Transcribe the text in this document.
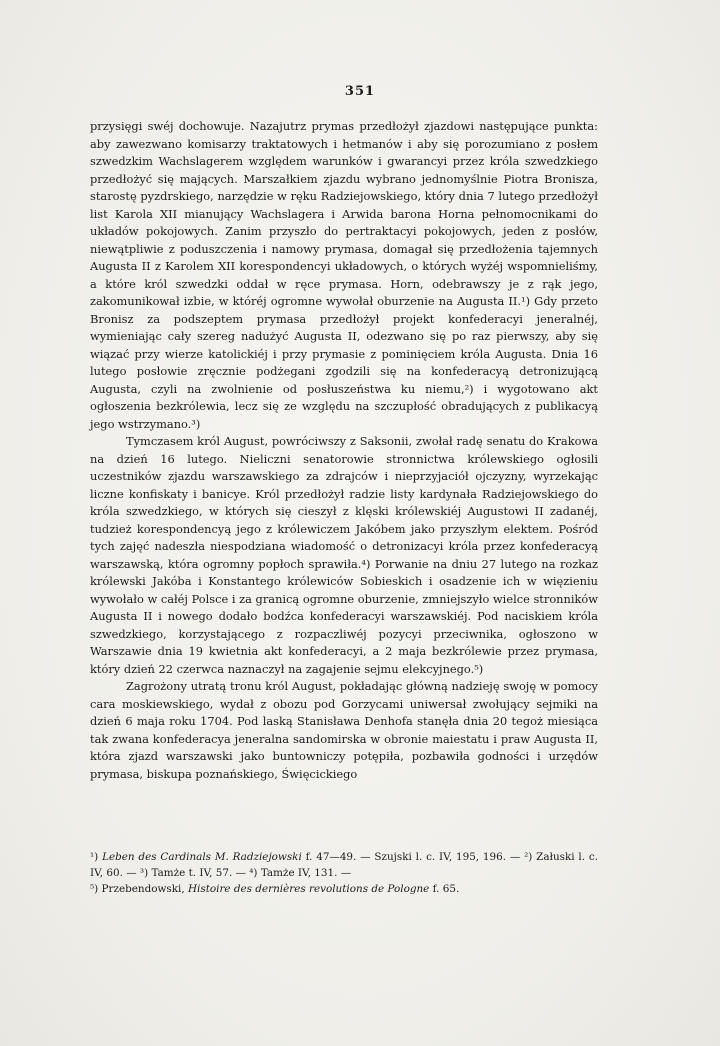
351

przysięgi swéj dochowuje. Nazajutrz prymas przedłożył zjazdowi następujące punkta: aby zawezwano komisarzy traktatowych i hetmanów i aby się porozumiano z posłem szwedzkim Wachslagerem względem warunków i gwarancyi przez króla szwedzkiego przedłożyć się mających. Marszałkiem zjazdu wybrano jednomyślnie Piotra Bronisza, starostę pyzdrskiego, narzędzie w ręku Radziejowskiego, który dnia 7 lutego przedłożył list Karola XII mianujący Wachslagera i Arwida barona Horna pełnomocnikami do układów pokojowych. Zanim przyszło do pertraktacyi pokojowych, jeden z posłów, niewątpliwie z poduszczenia i namowy prymasa, domagał się przedłożenia tajemnych Augusta II z Karolem XII korespondencyi układowych, o których wyżéj wspomnieliśmy, a które król szwedzki oddał w ręce prymasa. Horn, odebrawszy je z rąk jego, zakomunikował izbie, w któréj ogromne wywołał oburzenie na Augusta II.¹) Gdy przeto Bronisz za podszeptem prymasa przedłożył projekt konfederacyi jeneralnéj, wymieniając cały szereg nadużyć Augusta II, odezwano się po raz pierwszy, aby się wiązać przy wierze katolickiéj i przy prymasie z pominięciem króla Augusta. Dnia 16 lutego posłowie zręcznie podżegani zgodzili się na konfederacyą detronizującą Augusta, czyli na zwolnienie od posłuszeństwa ku niemu,²) i wygotowano akt ogłoszenia bezkrólewia, lecz się ze względu na szczupłość obradujących z publikacyą jego wstrzymano.³)

Tymczasem król August, powróciwszy z Saksonii, zwołał radę senatu do Krakowa na dzień 16 lutego. Nieliczni senatorowie stronnictwa królewskiego ogłosili uczestników zjazdu warszawskiego za zdrajców i nieprzyjaciół ojczyzny, wyrzekając liczne konfiskaty i banicye. Król przedłożył radzie listy kardynała Radziejowskiego do króla szwedzkiego, w których się cieszył z klęski królewskiéj Augustowi II zadanéj, tudzież korespondencyą jego z królewiczem Jakóbem jako przyszłym elektem. Pośród tych zajęć nadeszła niespodziana wiadomość o detronizacyi króla przez konfederacyą warszawską, która ogromny popłoch sprawiła.⁴) Porwanie na dniu 27 lutego na rozkaz królewski Jakóba i Konstantego królewiców Sobieskich i osadzenie ich w więzieniu wywołało w całéj Polsce i za granicą ogromne oburzenie, zmniejszyło wielce stronników Augusta II i nowego dodało bodźca konfederacyi warszawskiéj. Pod naciskiem króla szwedzkiego, korzystającego z rozpaczliwéj pozycyi przeciwnika, ogłoszono w Warszawie dnia 19 kwietnia akt konfederacyi, a 2 maja bezkrólewie przez prymasa, który dzień 22 czerwca naznaczył na zagajenie sejmu elekcyjnego.⁵)

Zagrożony utratą tronu król August, pokładając główną nadzieję swoję w pomocy cara moskiewskiego, wydał z obozu pod Gorzycami uniwersał zwołujący sejmiki na dzień 6 maja roku 1704. Pod laską Stanisława Denhofa stanęła dnia 20 tegoż miesiąca tak zwana konfederacya jeneralna sandomirska w obronie maiestatu i praw Augusta II, która zjazd warszawski jako buntowniczy potępiła, pozbawiła godności i urzędów prymasa, biskupa poznańskiego, Święcickiego

¹) Leben des Cardinals M. Radziejowski f. 47—49. — Szujski l. c. IV, 195, 196. — ²) Załuski l. c. IV, 60. — ³) Tamże t. IV, 57. — ⁴) Tamże IV, 131. —
⁵) Przebendowski, Histoire des dernières revolutions de Pologne f. 65.
